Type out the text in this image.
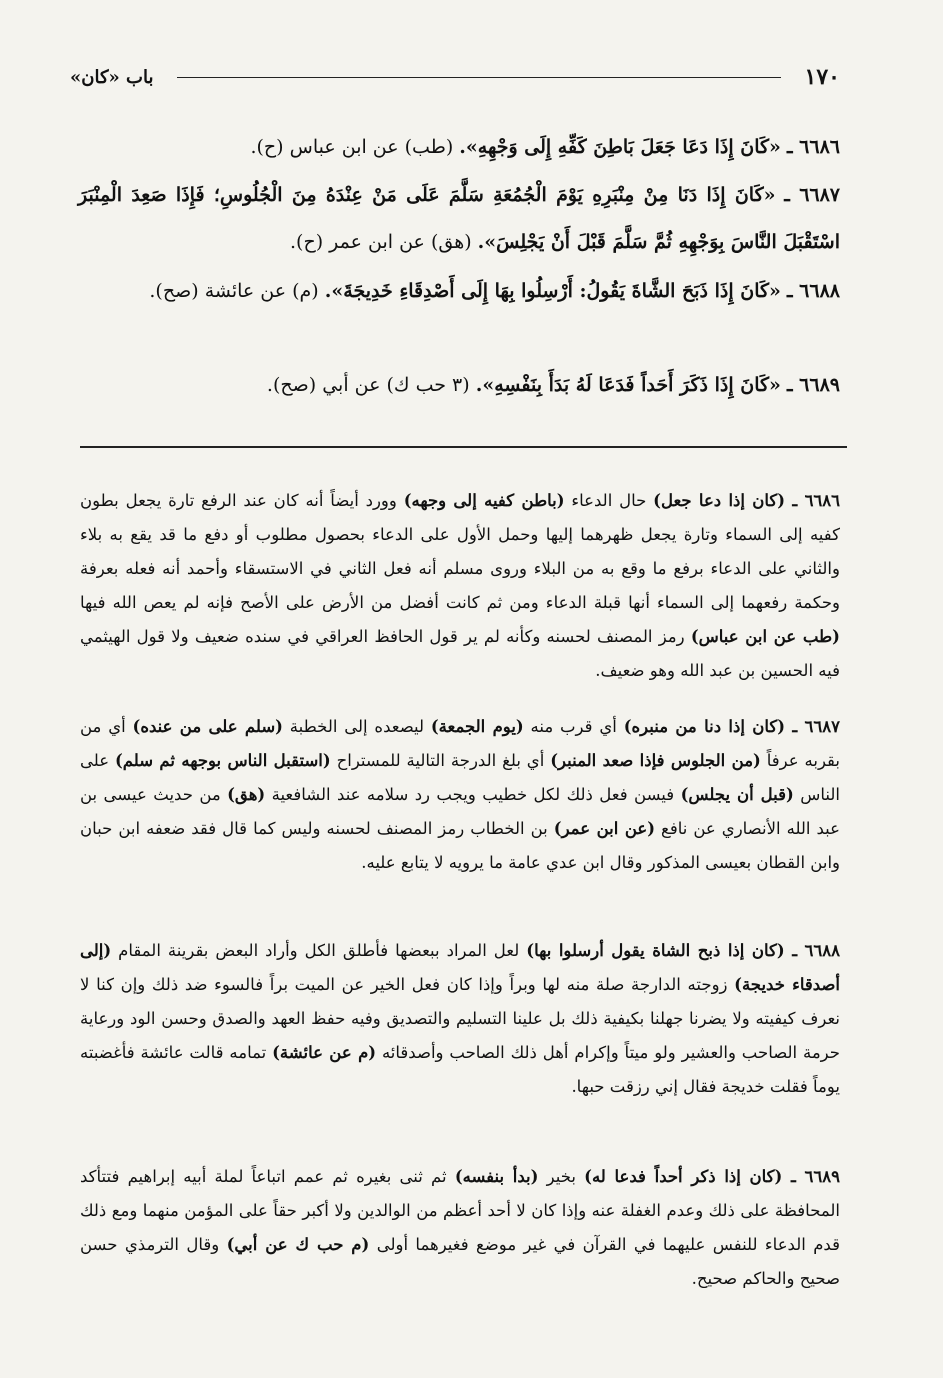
١٧٠
باب «كان»
٦٦٨٦ ـ «كَانَ إِذَا دَعَا جَعَلَ بَاطِنَ كَفِّهِ إِلَى وَجْهِهِ». (طب) عن ابن عباس (ح).
٦٦٨٧ ـ «كَانَ إِذَا دَنَا مِنْ مِنْبَرِهِ يَوْمَ الْجُمُعَةِ سَلَّمَ عَلَى مَنْ عِنْدَهُ مِنَ الْجُلُوسِ؛ فَإِذَا صَعِدَ الْمِنْبَرَ اسْتَقْبَلَ النَّاسَ بِوَجْهِهِ ثُمَّ سَلَّمَ قَبْلَ أَنْ يَجْلِسَ». (هق) عن ابن عمر (ح).
٦٦٨٨ ـ «كَانَ إِذَا ذَبَحَ الشَّاةَ يَقُولُ: أَرْسِلُوا بِهَا إِلَى أَصْدِقَاءِ خَدِيجَةَ». (م) عن عائشة (صح).
٦٦٨٩ ـ «كَانَ إِذَا ذَكَرَ أَحَداً فَدَعَا لَهُ بَدَأَ بِنَفْسِهِ». (٣ حب ك) عن أبي (صح).
٦٦٨٦ ـ (كان إذا دعا جعل) حال الدعاء (باطن كفيه إلى وجهه) وورد أيضاً أنه كان عند الرفع تارة يجعل بطون كفيه إلى السماء وتارة يجعل ظهرهما إليها وحمل الأول على الدعاء بحصول مطلوب أو دفع ما قد يقع به بلاء والثاني على الدعاء برفع ما وقع به من البلاء وروى مسلم أنه فعل الثاني في الاستسقاء وأحمد أنه فعله بعرفة وحكمة رفعهما إلى السماء أنها قبلة الدعاء ومن ثم كانت أفضل من الأرض على الأصح فإنه لم يعص الله فيها (طب عن ابن عباس) رمز المصنف لحسنه وكأنه لم ير قول الحافظ العراقي في سنده ضعيف ولا قول الهيثمي فيه الحسين بن عبد الله وهو ضعيف.
٦٦٨٧ ـ (كان إذا دنا من منبره) أي قرب منه (يوم الجمعة) ليصعده إلى الخطبة (سلم على من عنده) أي من بقربه عرفاً (من الجلوس فإذا صعد المنبر) أي بلغ الدرجة التالية للمستراح (استقبل الناس بوجهه ثم سلم) على الناس (قبل أن يجلس) فيسن فعل ذلك لكل خطيب ويجب رد سلامه عند الشافعية (هق) من حديث عيسى بن عبد الله الأنصاري عن نافع (عن ابن عمر) بن الخطاب رمز المصنف لحسنه وليس كما قال فقد ضعفه ابن حبان وابن القطان بعيسى المذكور وقال ابن عدي عامة ما يرويه لا يتابع عليه.
٦٦٨٨ ـ (كان إذا ذبح الشاة يقول أرسلوا بها) لعل المراد ببعضها فأطلق الكل وأراد البعض بقرينة المقام (إلى أصدقاء خديجة) زوجته الدارجة صلة منه لها وبراً وإذا كان فعل الخير عن الميت براً فالسوء ضد ذلك وإن كنا لا نعرف كيفيته ولا يضرنا جهلنا بكيفية ذلك بل علينا التسليم والتصديق وفيه حفظ العهد والصدق وحسن الود ورعاية حرمة الصاحب والعشير ولو ميتاً وإكرام أهل ذلك الصاحب وأصدقائه (م عن عائشة) تمامه قالت عائشة فأغضبته يوماً فقلت خديجة فقال إني رزقت حبها.
٦٦٨٩ ـ (كان إذا ذكر أحداً فدعا له) بخير (بدأ بنفسه) ثم ثنى بغيره ثم عمم اتباعاً لملة أبيه إبراهيم فتتأكد المحافظة على ذلك وعدم الغفلة عنه وإذا كان لا أحد أعظم من الوالدين ولا أكبر حقاً على المؤمن منهما ومع ذلك قدم الدعاء للنفس عليهما في القرآن في غير موضع فغيرهما أولى (م حب ك عن أبي) وقال الترمذي حسن صحيح والحاكم صحيح.
